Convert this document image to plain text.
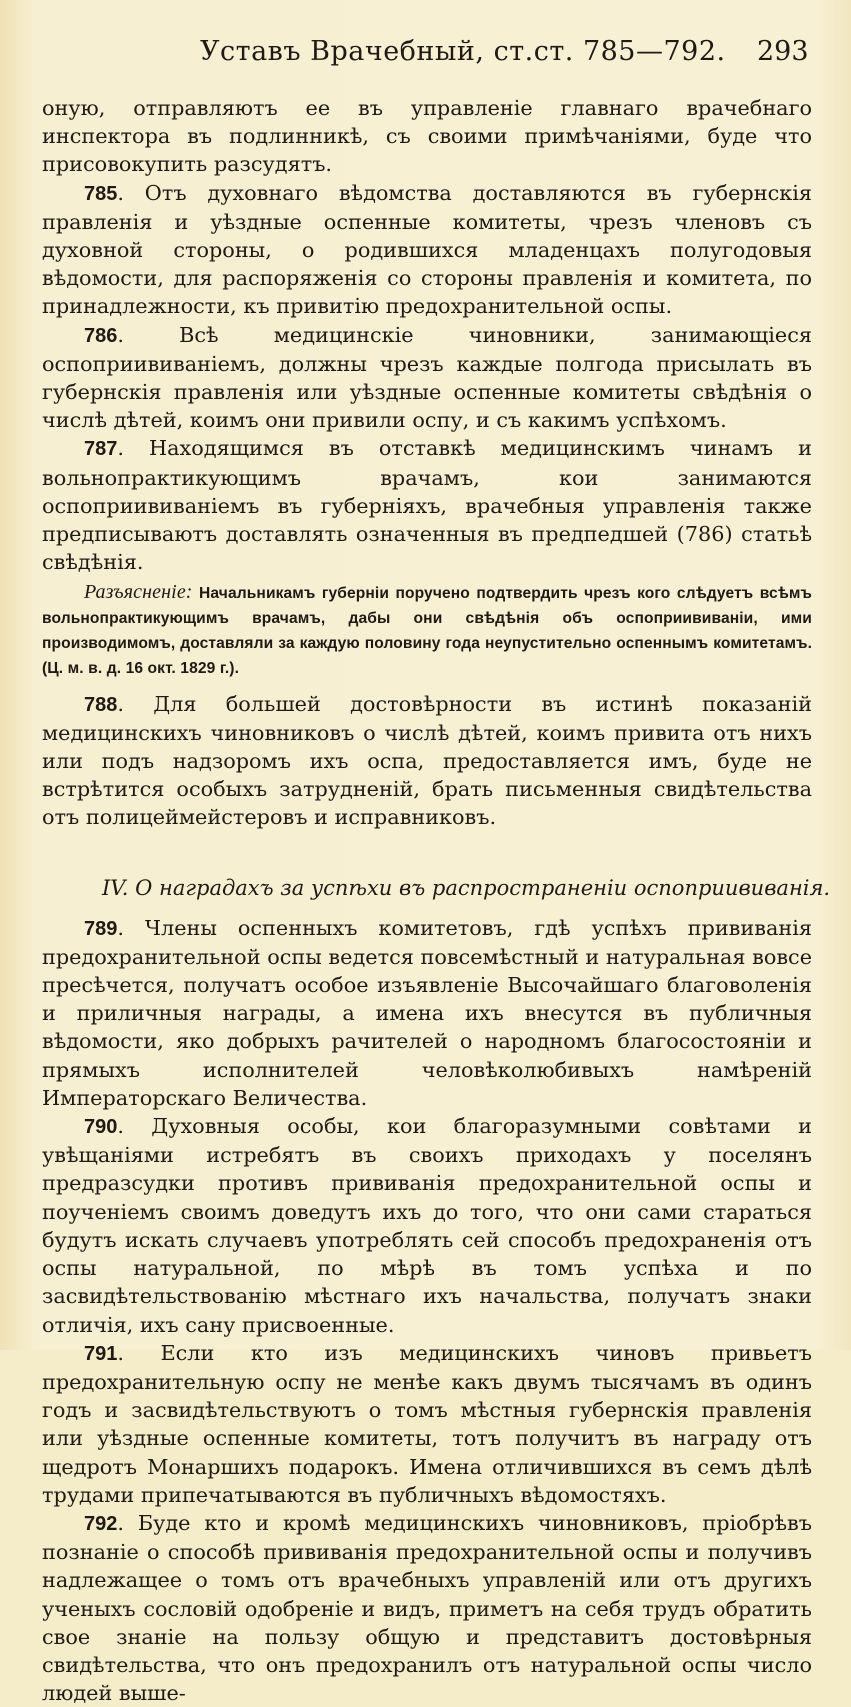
Уставъ Врачебный, ст.ст. 785—792. 293

оную, отправляютъ ее въ управленіе главнаго врачебнаго инспектора въ подлинникѣ, съ своими примѣчаніями, буде что присовокупить разсудятъ.

785. Отъ духовнаго вѣдомства доставляются въ губернскія правленія и уѣздные оспенные комитеты, чрезъ членовъ съ духовной стороны, о родившихся младенцахъ полугодовыя вѣдомости, для распоряженія со стороны правленія и комитета, по принадлежности, къ привитію предохранительной оспы.

786. Всѣ медицинскіе чиновники, занимающіеся оспоприививаніемъ, должны чрезъ каждые полгода присылать въ губернскія правленія или уѣздные оспенные комитеты свѣдѣнія о числѣ дѣтей, коимъ они привили оспу, и съ какимъ успѣхомъ.

787. Находящимся въ отставкѣ медицинскимъ чинамъ и вольнопрактикующимъ врачамъ, кои занимаются оспоприививаніемъ въ губерніяхъ, врачебныя управленія также предписываютъ доставлять означенныя въ предпедшей (786) статьѣ свѣдѣнія.

Разъясненіе: Начальникамъ губерніи поручено подтвердить чрезъ кого слѣдуетъ всѣмъ вольнопрактикующимъ врачамъ, дабы они свѣдѣнія объ оспоприививаніи, ими производимомъ, доставляли за каждую половину года неупустительно оспеннымъ комитетамъ. (Ц. м. в. д. 16 окт. 1829 г.).

788. Для большей достовѣрности въ истинѣ показаній медицинскихъ чиновниковъ о числѣ дѣтей, коимъ привита отъ нихъ или подъ надзоромъ ихъ оспа, предоставляется имъ, буде не встрѣтится особыхъ затрудненій, брать письменныя свидѣтельства отъ полицеймейстеровъ и исправниковъ.

IV. О наградахъ за успѣхи въ распространеніи оспоприививанія.

789. Члены оспенныхъ комитетовъ, гдѣ успѣхъ прививанія предохранительной оспы ведется повсемѣстный и натуральная вовсе пресѣчется, получатъ особое изъявленіе Высочайшаго благоволенія и приличныя награды, а имена ихъ внесутся въ публичныя вѣдомости, яко добрыхъ рачителей о народномъ благосостояніи и прямыхъ исполнителей человѣколюбивыхъ намѣреній Императорскаго Величества.

790. Духовныя особы, кои благоразумными совѣтами и увѣщаніями истребятъ въ своихъ приходахъ у поселянъ предразсудки противъ прививанія предохранительной оспы и поученіемъ своимъ доведутъ ихъ до того, что они сами стараться будутъ искать случаевъ употреблять сей способъ предохраненія отъ оспы натуральной, по мѣрѣ въ томъ успѣха и по засвидѣтельствованію мѣстнаго ихъ начальства, получатъ знаки отличія, ихъ сану присвоенные.

791. Если кто изъ медицинскихъ чиновъ привьетъ предохранительную оспу не менѣе какъ двумъ тысячамъ въ одинъ годъ и засвидѣтельствуютъ о томъ мѣстныя губернскія правленія или уѣздные оспенные комитеты, тотъ получитъ въ награду отъ щедротъ Монаршихъ подарокъ. Имена отличившихся въ семъ дѣлѣ трудами припечатываются въ публичныхъ вѣдомостяхъ.

792. Буде кто и кромѣ медицинскихъ чиновниковъ, пріобрѣвъ познаніе о способѣ прививанія предохранительной оспы и получивъ надлежащее о томъ отъ врачебныхъ управленій или отъ другихъ ученыхъ сословій одобреніе и видъ, приметъ на себя трудъ обратить свое знаніе на пользу общую и представитъ достовѣрныя свидѣтельства, что онъ предохранилъ отъ натуральной оспы число людей выше-
